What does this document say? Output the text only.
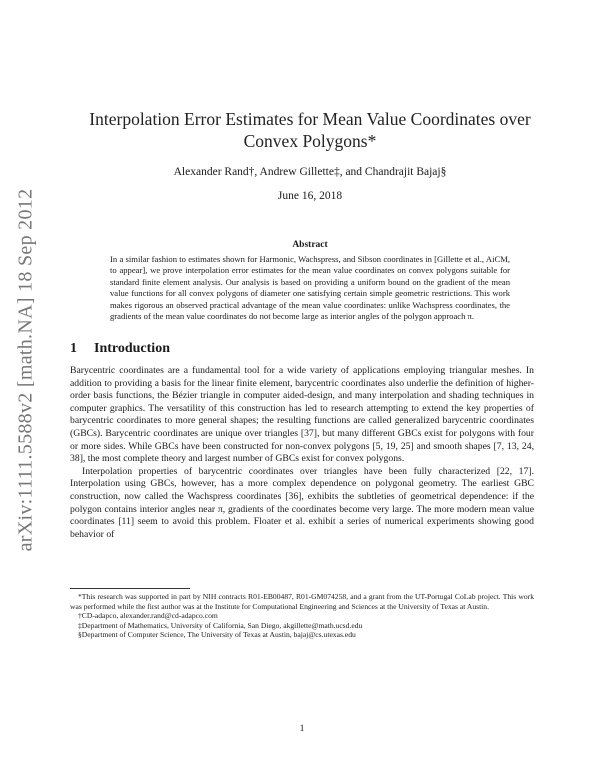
arXiv:1111.5588v2 [math.NA] 18 Sep 2012
Interpolation Error Estimates for Mean Value Coordinates over Convex Polygons*
Alexander Rand†, Andrew Gillette‡, and Chandrajit Bajaj§
June 16, 2018
Abstract
In a similar fashion to estimates shown for Harmonic, Wachspress, and Sibson coordinates in [Gillette et al., AiCM, to appear], we prove interpolation error estimates for the mean value coordinates on convex polygons suitable for standard finite element analysis. Our analysis is based on providing a uniform bound on the gradient of the mean value functions for all convex polygons of diameter one satisfying certain simple geometric restrictions. This work makes rigorous an observed practical advantage of the mean value coordinates: unlike Wachspress coordinates, the gradients of the mean value coordinates do not become large as interior angles of the polygon approach π.
1 Introduction

Barycentric coordinates are a fundamental tool for a wide variety of applications employing triangular meshes. In addition to providing a basis for the linear finite element, barycentric coordinates also underlie the definition of higher-order basis functions, the Bézier triangle in computer aided-design, and many interpolation and shading techniques in computer graphics. The versatility of this construction has led to research attempting to extend the key properties of barycentric coordinates to more general shapes; the resulting functions are called generalized barycentric coordinates (GBCs). Barycentric coordinates are unique over triangles [37], but many different GBCs exist for polygons with four or more sides. While GBCs have been constructed for non-convex polygons [5, 19, 25] and smooth shapes [7, 13, 24, 38], the most complete theory and largest number of GBCs exist for convex polygons.

Interpolation properties of barycentric coordinates over triangles have been fully characterized [22, 17]. Interpolation using GBCs, however, has a more complex dependence on polygonal geometry. The earliest GBC construction, now called the Wachspress coordinates [36], exhibits the subtleties of geometrical dependence: if the polygon contains interior angles near π, gradients of the coordinates become very large. The more modern mean value coordinates [11] seem to avoid this problem. Floater et al. exhibit a series of numerical experiments showing good behavior of

*This research was supported in part by NIH contracts R01-EB00487, R01-GM074258, and a grant from the UT-Portugal CoLab project. This work was performed while the first author was at the Institute for Computational Engineering and Sciences at the University of Texas at Austin.

†CD-adapco, alexander.rand@cd-adapco.com

‡Department of Mathematics, University of California, San Diego, akgillette@math.ucsd.edu

§Department of Computer Science, The University of Texas at Austin, bajaj@cs.utexas.edu

1
